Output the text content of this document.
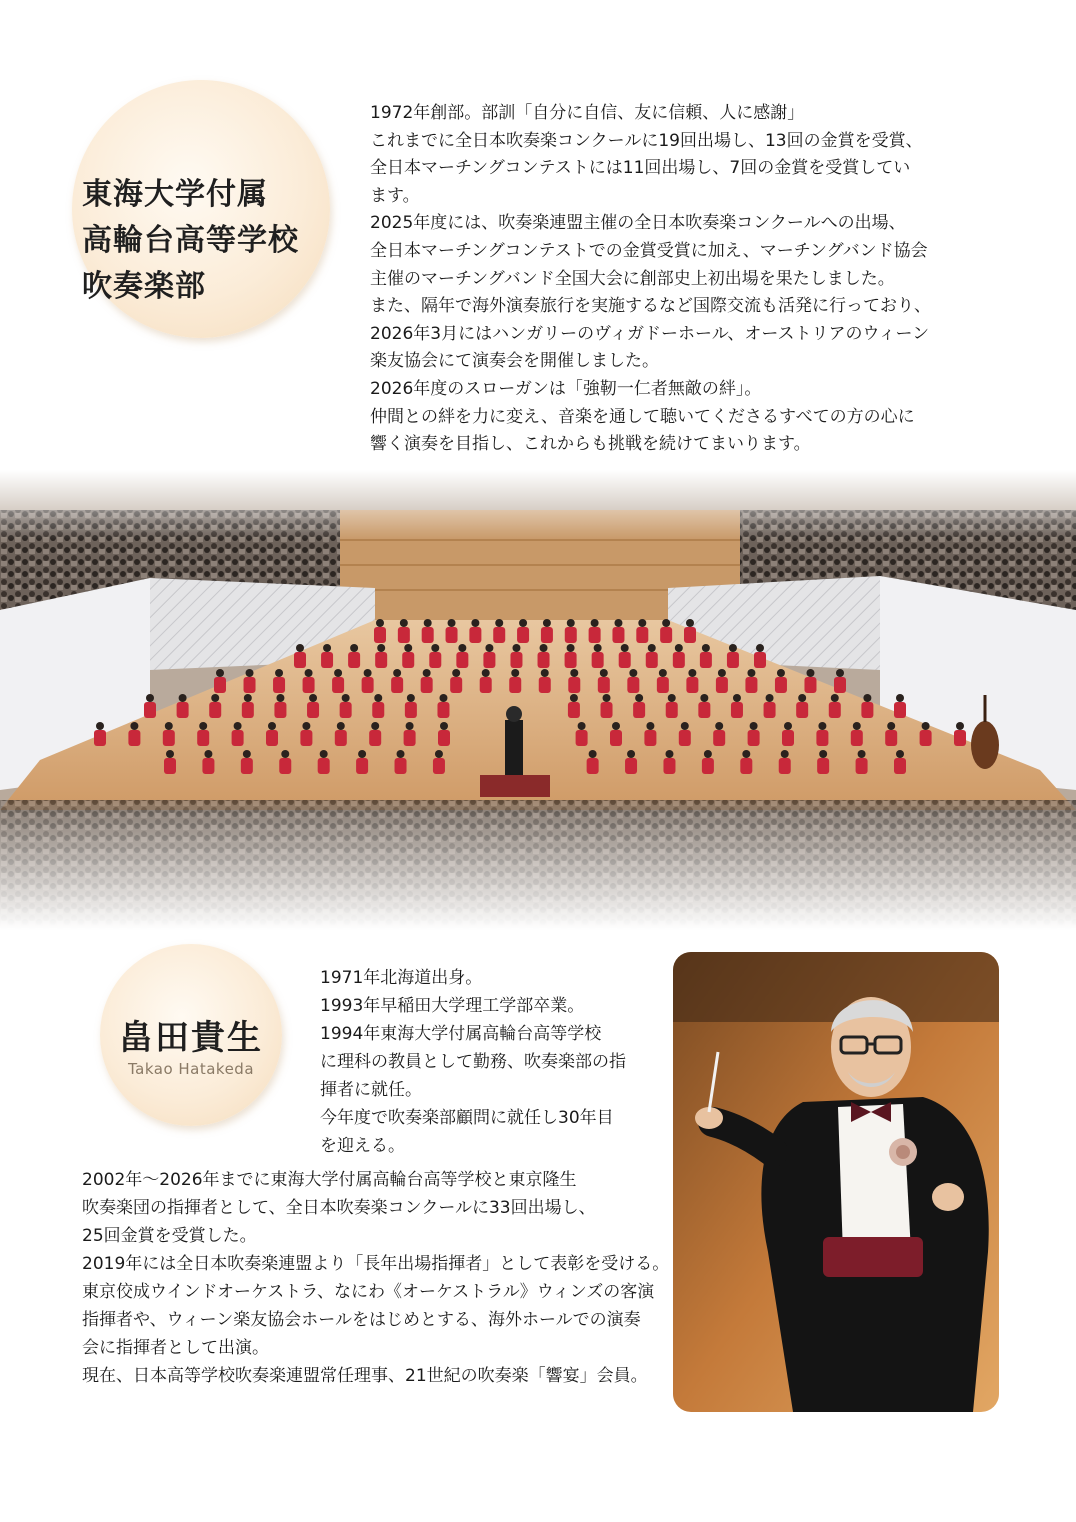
東海大学付属
高輪台高等学校
吹奏楽部
1972年創部。部訓「自分に自信、友に信頼、人に感謝」
これまでに全日本吹奏楽コンクールに19回出場し、13回の金賞を受賞、
全日本マーチングコンテストには11回出場し、7回の金賞を受賞してい
ます。
2025年度には、吹奏楽連盟主催の全日本吹奏楽コンクールへの出場、
全日本マーチングコンテストでの金賞受賞に加え、マーチングバンド協会
主催のマーチングバンド全国大会に創部史上初出場を果たしました。
また、隔年で海外演奏旅行を実施するなど国際交流も活発に行っており、
2026年3月にはハンガリーのヴィガドーホール、オーストリアのウィーン
楽友協会にて演奏会を開催しました。
2026年度のスローガンは「強靭一仁者無敵の絆」。
仲間との絆を力に変え、音楽を通して聴いてくださるすべての方の心に
響く演奏を目指し、これからも挑戦を続けてまいります。
畠田貴生
Takao Hatakeda
1971年北海道出身。
1993年早稲田大学理工学部卒業。
1994年東海大学付属高輪台高等学校
に理科の教員として勤務、吹奏楽部の指
揮者に就任。
今年度で吹奏楽部顧問に就任し30年目
を迎える。
2002年〜2026年までに東海大学付属高輪台高等学校と東京隆生
吹奏楽団の指揮者として、全日本吹奏楽コンクールに33回出場し、
25回金賞を受賞した。
2019年には全日本吹奏楽連盟より「長年出場指揮者」として表彰を受ける。
東京佼成ウインドオーケストラ、なにわ《オーケストラル》ウィンズの客演
指揮者や、ウィーン楽友協会ホールをはじめとする、海外ホールでの演奏
会に指揮者として出演。
現在、日本高等学校吹奏楽連盟常任理事、21世紀の吹奏楽「響宴」会員。
